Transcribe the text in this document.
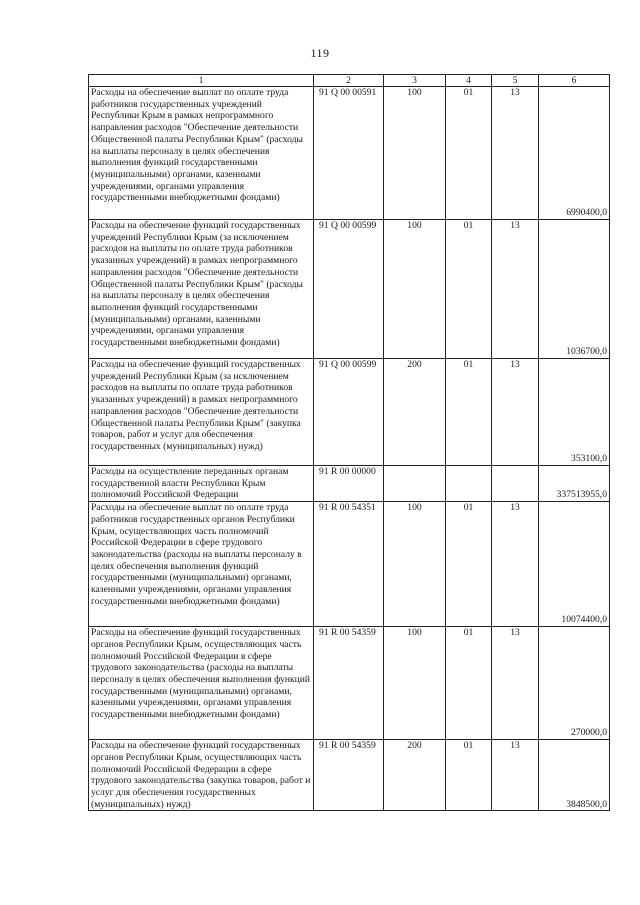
119
1	2	3	4	5	6
Расходы на обеспечение выплат по оплате труда работников государственных учреждений Республики Крым в рамках непрограммного направления расходов "Обеспечение деятельности Общественной палаты Республики Крым" (расходы на выплаты персоналу в целях обеспечения выполнения функций государственными (муниципальными) органами, казенными учреждениями, органами управления государственными внебюджетными фондами)	91 Q 00 00591	100	01	13	6990400,0
Расходы на обеспечение функций государственных учреждений Республики Крым (за исключением расходов на выплаты по оплате труда работников указанных учреждений) в рамках непрограммного направления расходов "Обеспечение деятельности Общественной палаты Республики Крым" (расходы на выплаты персоналу в целях обеспечения выполнения функций государственными (муниципальными) органами, казенными учреждениями, органами управления государственными внебюджетными фондами)	91 Q 00 00599	100	01	13	1036700,0
Расходы на обеспечение функций государственных учреждений Республики Крым (за исключением расходов на выплаты по оплате труда работников указанных учреждений) в рамках непрограммного направления расходов "Обеспечение деятельности Общественной палаты Республики Крым" (закупка товаров, работ и услуг для обеспечения государственных (муниципальных) нужд)	91 Q 00 00599	200	01	13	353100,0
Расходы на осуществление переданных органам государственной власти Республики Крым полномочий Российской Федерации	91 R 00 00000				337513955,0
Расходы на обеспечение выплат по оплате труда работников государственных органов Республики Крым, осуществляющих часть полномочий Российской Федерации в сфере трудового законодательства (расходы на выплаты персоналу в целях обеспечения выполнения функций государственными (муниципальными) органами, казенными учреждениями, органами управления государственными внебюджетными фондами)	91 R 00 54351	100	01	13	10074400,0
Расходы на обеспечение функций государственных органов Республики Крым, осуществляющих часть полномочий Российской Федерации в сфере трудового законодательства (расходы на выплаты персоналу в целях обеспечения выполнения функций государственными (муниципальными) органами, казенными учреждениями, органами управления государственными внебюджетными фондами)	91 R 00 54359	100	01	13	270000,0
Расходы на обеспечение функций государственных органов Республики Крым, осуществляющих часть полномочий Российской Федерации в сфере трудового законодательства (закупка товаров, работ и услуг для обеспечения государственных (муниципальных) нужд)	91 R 00 54359	200	01	13	3848500,0
